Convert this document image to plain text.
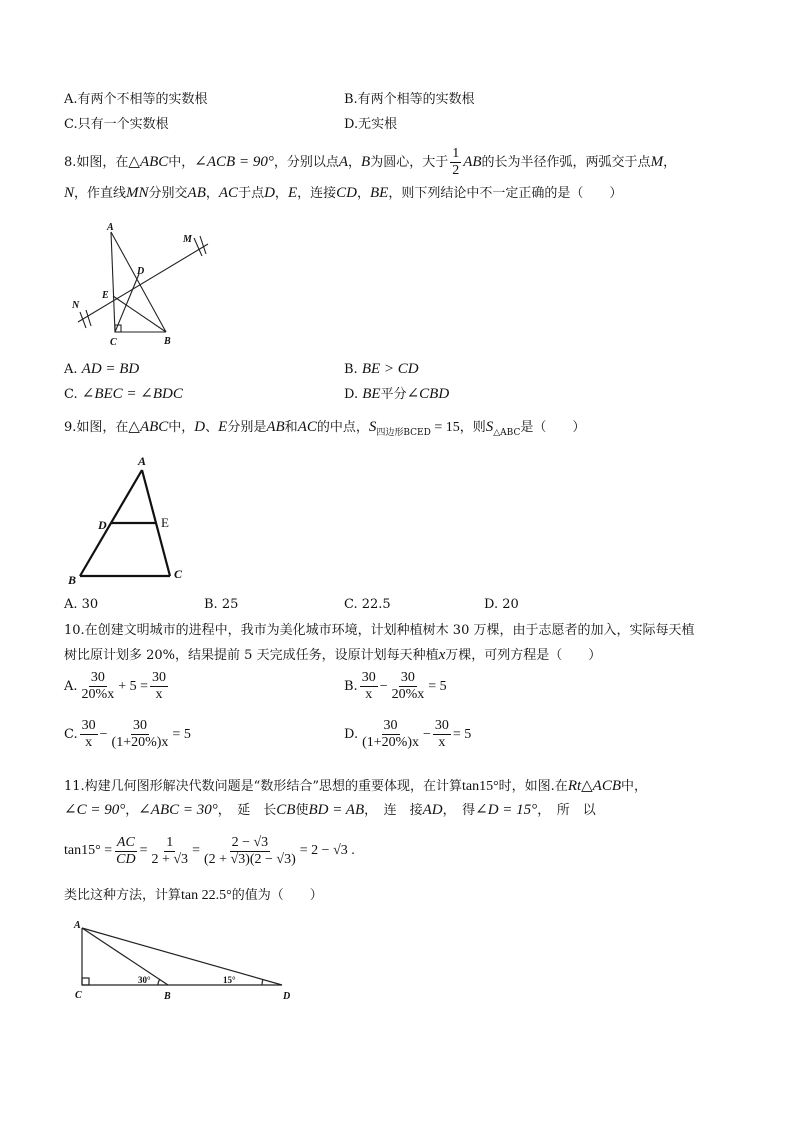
A.有两个不相等的实数根	B.有两个相等的实数根
C.只有一个实数根	D.无实根
8.如图，在△ABC中，∠ACB = 90°，分别以点A，B为圆心，大于 $\frac{1}{2}$ AB的长为半径作弧，两弧交于点M，
N，作直线MN分别交AB，AC于点D，E，连接CD，BE，则下列结论中不一定正确的是（　　）
A
M
D
E
N
C	B
A. AD = BD	B. BE > CD
C. ∠BEC = ∠BDC	D. BE平分∠CBD
9.如图，在△ABC中，D、E分别是AB和AC的中点，$S_{四边形BCED} = 15$，则$S_{\triangle ABC}$是（　　）
A
D	E
B	C
A. 30	B. 25	C. 22.5	D. 20
10.在创建文明城市的进程中，我市为美化城市环境，计划种植树木 30 万棵，由于志愿者的加入，实际每天植
树比原计划多 20%，结果提前 5 天完成任务，设原计划每天种植x万棵，可列方程是（　　）
A. $\frac{30}{20\%x} + 5 = \frac{30}{x}$	B. $\frac{30}{x} - \frac{30}{20\%x} = 5$
C. $\frac{30}{x} - \frac{30}{(1+20\%)x} = 5$	D. $\frac{30}{(1+20\%)x} - \frac{30}{x} = 5$
11.构建几何图形解决代数问题是“数形结合”思想的重要体现，在计算tan15°时，如图.在Rt△ACB中，
∠C = 90°，∠ABC = 30°，　延　长CB使BD = AB，　连　接AD，　得∠D = 15°，　所　以
$\tan 15^\circ = \frac{AC}{CD} = \frac{1}{2 + √3} = \frac{2 - √3}{(2 + √3)(2 - √3)} = 2 - √3$ .
类比这种方法，计算tan 22.5°的值为（　　）
A
C	B	D
30°	15°
